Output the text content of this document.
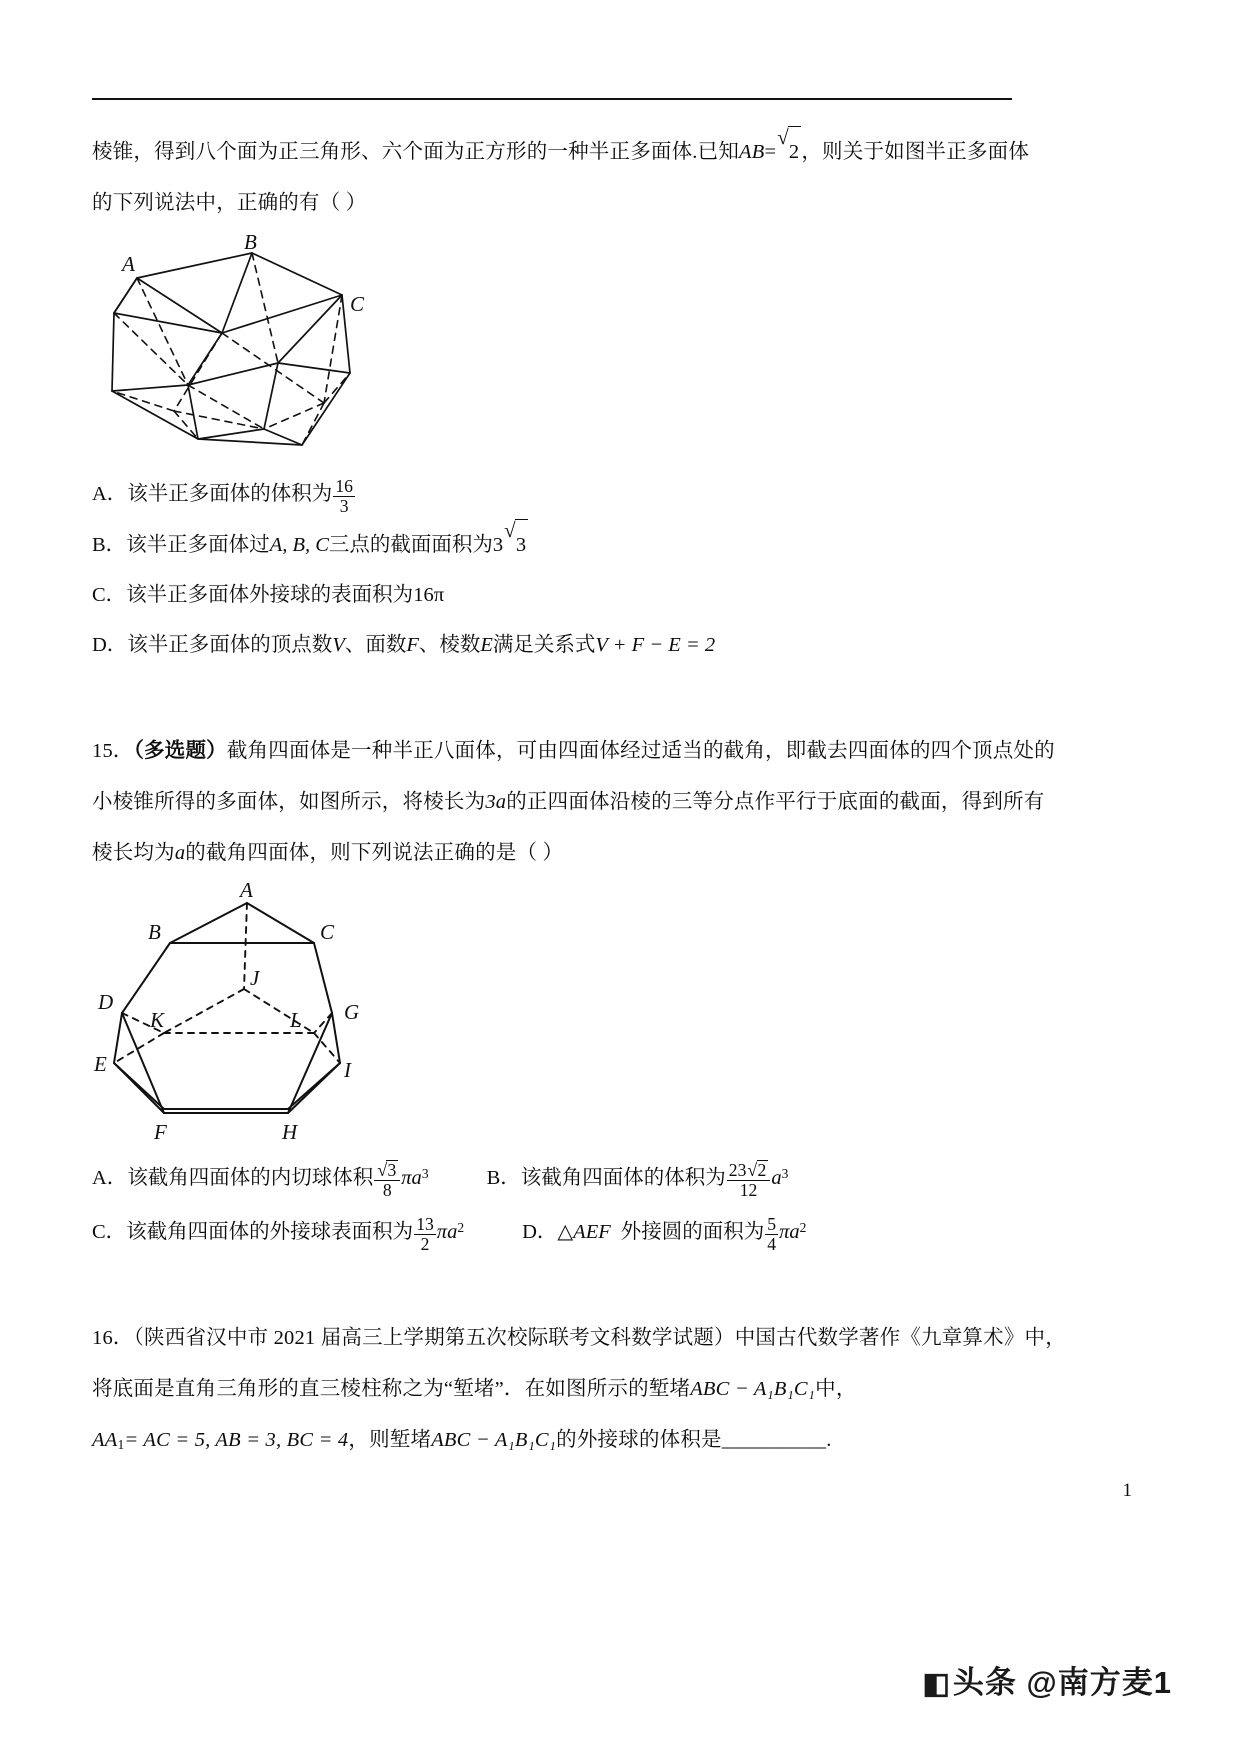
棱锥，得到八个面为正三角形、六个面为正方形的一种半正多面体.已知AB=
√
2，则关于如图半正多面体

的下列说法中，正确的有（ ）

A
B
C

A．该半正多面体的体积为 $\frac{16}{3}$

B．该半正多面体过A, B, C三点的截面面积为3
√
3

C．该半正多面体外接球的表面积为16π

D．该半正多面体的顶点数V、面数F、棱数E满足关系式V + F − E = 2

15．（多选题）截角四面体是一种半正八面体，可由四面体经过适当的截角，即截去四面体的四个顶点处的

小棱锥所得的多面体，如图所示，将棱长为3a的正四面体沿棱的三等分点作平行于底面的截面，得到所有

棱长均为a的截角四面体，则下列说法正确的是（ ）

A
B	C
D
E
F
G
H
I
J
K	L

A．该截角四面体的内切球体积 $\frac{√ 3}{8} \pi a^3$	B．该截角四面体的体积为 $\frac{23 √ 2}{12} a^3$

C．该截角四面体的外接球表面积为 $\frac{13}{2} \pi a^2$	D．△AEF 外接圆的面积为 $\frac{5}{4} \pi a^2$

16．（陕西省汉中市 2021 届高三上学期第五次校际联考文科数学试题）中国古代数学著作《九章算术》中，

将底面是直角三角形的直三棱柱称之为“堑堵”．在如图所示的堑堵ABC − A₁B₁C₁中，

$AA_1=$ AC = 5, AB = 3, BC = 4，则堑堵ABC − A₁B₁C₁的外接球的体积是__________.

1
◧头条 @南方麦1
